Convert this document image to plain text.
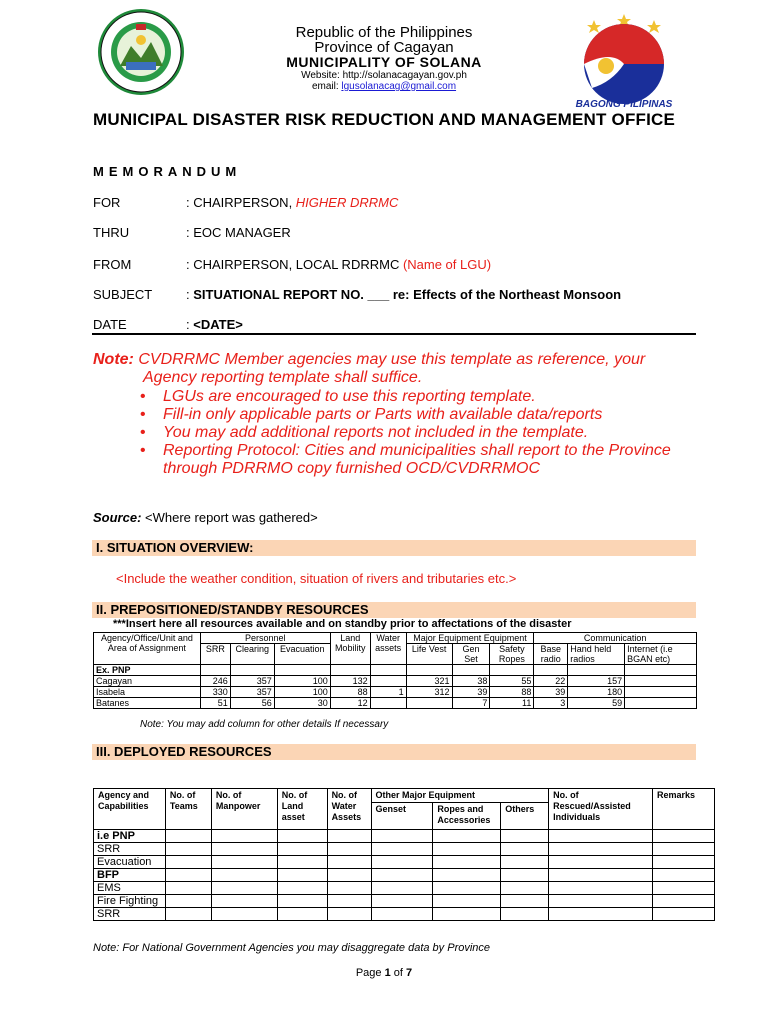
BAGONG PILIPINAS
Republic of the Philippines
Province of Cagayan
MUNICIPALITY OF SOLANA
Website: http://solanacagayan.gov.ph
email: lgusolanacag@gmail.com
MUNICIPAL DISASTER RISK REDUCTION AND MANAGEMENT OFFICE
MEMORANDUM
FOR	: CHAIRPERSON, HIGHER DRRMC
THRU	: EOC MANAGER
FROM	: CHAIRPERSON, LOCAL RDRRMC (Name of LGU)
SUBJECT	: SITUATIONAL REPORT NO. ___ re: Effects of the Northeast Monsoon
DATE	: <DATE>
Note: CVDRRMC Member agencies may use this template as reference, your
Agency reporting template shall suffice.
• LGUs are encouraged to use this reporting template.
• Fill-in only applicable parts or Parts with available data/reports
• You may add additional reports not included in the template.
• Reporting Protocol: Cities and municipalities shall report to the Province through PDRRMO copy furnished OCD/CVDRRMOC
Source: <Where report was gathered>
I. SITUATION OVERVIEW:
<Include the weather condition, situation of rivers and tributaries etc.>
II. PREPOSITIONED/STANDBY RESOURCES
***Insert here all resources available and on standby prior to affectations of the disaster
Agency/Office/Unit and Area of Assignment	Personnel			Land Mobility	Water assets	Major Equipment Equipment			Communication		
	SRR	Clearing	Evacuation			Life Vest	Gen Set	Safety Ropes	Base radio	Hand held radios	Internet (i.e BGAN etc)

Ex. PNP											
Cagayan	246	357	100	132		321	38	55	22	157	
Isabela	330	357	100	88	1	312	39	88	39	180	
Batanes	51	56	30	12			7	11	3	59	
Note: You may add column for other details If necessary
III. DEPLOYED RESOURCES
Agency and Capabilities	No. of Teams	No. of Manpower	No. of Land asset	No. of Water Assets	Other Major Equipment			No. of Rescued/Assisted Individuals	Remarks
					Genset	Ropes and Accessories	Others		
i.e PNP									
SRR									
Evacuation									
BFP									
EMS									
Fire Fighting									
SRR									
Note: For National Government Agencies you may disaggregate data by Province
Page 1 of 7
